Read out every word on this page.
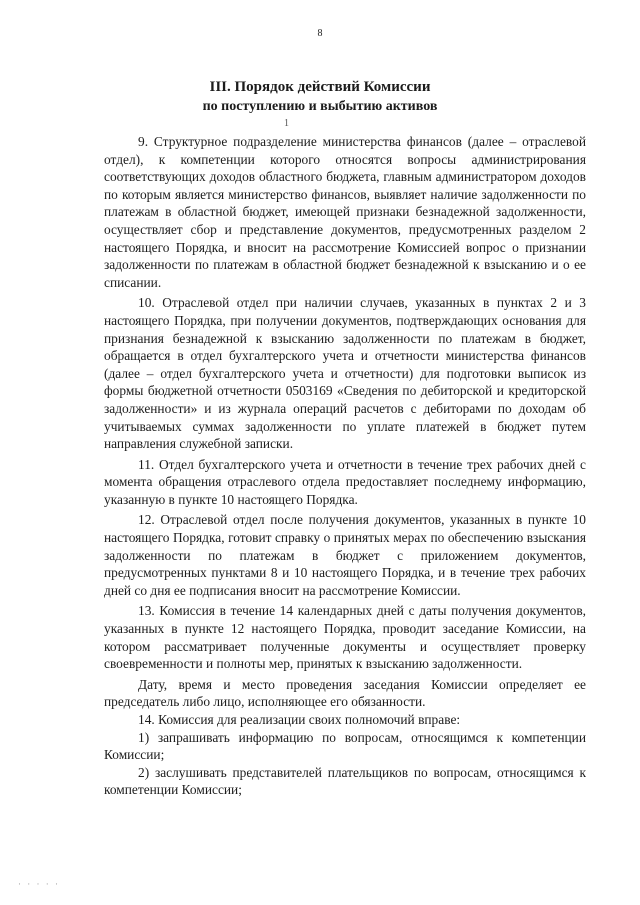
8
III. Порядок действий Комиссии
по поступлению и выбытию активов
1

9. Структурное подразделение министерства финансов (далее – отраслевой отдел), к компетенции которого относятся вопросы администрирования соответствующих доходов областного бюджета, главным администратором доходов по которым является министерство финансов, выявляет наличие задолженности по платежам в областной бюджет, имеющей признаки безнадежной задолженности, осуществляет сбор и представление документов, предусмотренных разделом 2 настоящего Порядка, и вносит на рассмотрение Комиссией вопрос о признании задолженности по платежам в областной бюджет безнадежной к взысканию и о ее списании.

10. Отраслевой отдел при наличии случаев, указанных в пунктах 2 и 3 настоящего Порядка, при получении документов, подтверждающих основания для признания безнадежной к взысканию задолженности по платежам в бюджет, обращается в отдел бухгалтерского учета и отчетности министерства финансов (далее – отдел бухгалтерского учета и отчетности) для подготовки выписок из формы бюджетной отчетности 0503169 «Сведения по дебиторской и кредиторской задолженности» и из журнала операций расчетов с дебиторами по доходам об учитываемых суммах задолженности по уплате платежей в бюджет путем направления служебной записки.

11. Отдел бухгалтерского учета и отчетности в течение трех рабочих дней с момента обращения отраслевого отдела предоставляет последнему информацию, указанную в пункте 10 настоящего Порядка.

12. Отраслевой отдел после получения документов, указанных в пункте 10 настоящего Порядка, готовит справку о принятых мерах по обеспечению взыскания задолженности по платежам в бюджет с приложением документов, предусмотренных пунктами 8 и 10 настоящего Порядка, и в течение трех рабочих дней со дня ее подписания вносит на рассмотрение Комиссии.

13. Комиссия в течение 14 календарных дней с даты получения документов, указанных в пункте 12 настоящего Порядка, проводит заседание Комиссии, на котором рассматривает полученные документы и осуществляет проверку своевременности и полноты мер, принятых к взысканию задолженности.

Дату, время и место проведения заседания Комиссии определяет ее председатель либо лицо, исполняющее его обязанности.

14. Комиссия для реализации своих полномочий вправе:

1) запрашивать информацию по вопросам, относящимся к компетенции Комиссии;

2) заслушивать представителей плательщиков по вопросам, относящимся к компетенции Комиссии;

· · · · ·
